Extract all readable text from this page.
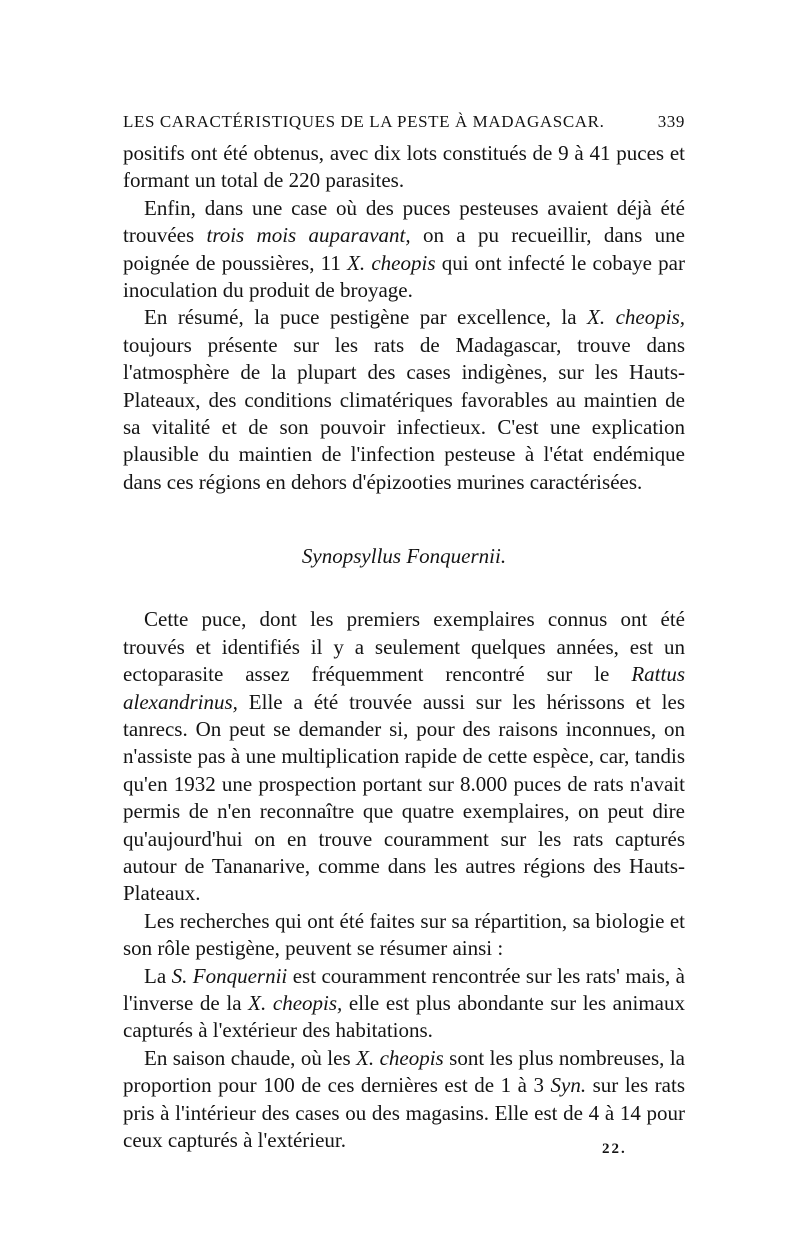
LES CARACTÉRISTIQUES DE LA PESTE À MADAGASCAR.	339

positifs ont été obtenus, avec dix lots constitués de 9 à 41 puces et formant un total de 220 parasites.

Enfin, dans une case où des puces pesteuses avaient déjà été trouvées trois mois auparavant, on a pu recueillir, dans une poignée de poussières, 11 X. cheopis qui ont infecté le cobaye par inoculation du produit de broyage.

En résumé, la puce pestigène par excellence, la X. cheopis, toujours présente sur les rats de Madagascar, trouve dans l'atmosphère de la plupart des cases indigènes, sur les Hauts-Plateaux, des conditions climatériques favorables au maintien de sa vitalité et de son pouvoir infectieux. C'est une explication plausible du maintien de l'infection pesteuse à l'état endémique dans ces régions en dehors d'épizooties murines caractérisées.

Synopsyllus Fonquernii.

Cette puce, dont les premiers exemplaires connus ont été trouvés et identifiés il y a seulement quelques années, est un ectoparasite assez fréquemment rencontré sur le Rattus alexandrinus, Elle a été trouvée aussi sur les hérissons et les tanrecs. On peut se demander si, pour des raisons inconnues, on n'assiste pas à une multiplication rapide de cette espèce, car, tandis qu'en 1932 une prospection portant sur 8.000 puces de rats n'avait permis de n'en reconnaître que quatre exemplaires, on peut dire qu'aujourd'hui on en trouve couramment sur les rats capturés autour de Tananarive, comme dans les autres régions des Hauts-Plateaux.

Les recherches qui ont été faites sur sa répartition, sa biologie et son rôle pestigène, peuvent se résumer ainsi :

La S. Fonquernii est couramment rencontrée sur les rats' mais, à l'inverse de la X. cheopis, elle est plus abondante sur les animaux capturés à l'extérieur des habitations.

En saison chaude, où les X. cheopis sont les plus nombreuses, la proportion pour 100 de ces dernières est de 1 à 3 Syn. sur les rats pris à l'intérieur des cases ou des magasins. Elle est de 4 à 14 pour ceux capturés à l'extérieur.	22.
